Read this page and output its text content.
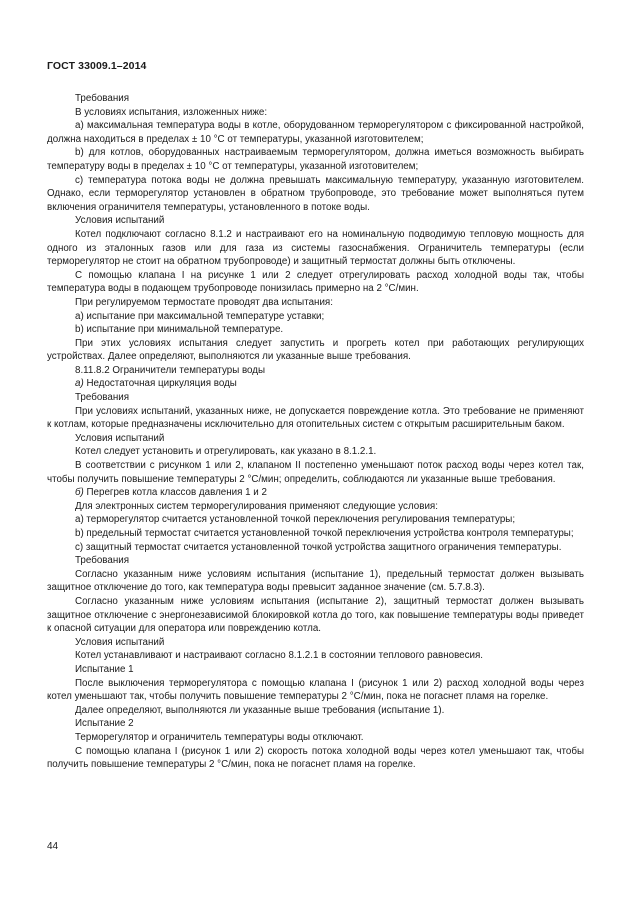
ГОСТ 33009.1–2014

Требования

В условиях испытания, изложенных ниже:

а) максимальная температура воды в котле, оборудованном терморегулятором с фиксированной настройкой, должна находиться в пределах ± 10 °С от температуры, указанной изготовителем;

b) для котлов, оборудованных настраиваемым терморегулятором, должна иметься возможность выбирать температуру воды в пределах ± 10 °С от температуры, указанной изготовителем;

с) температура потока воды не должна превышать максимальную температуру, указанную изготовителем. Однако, если терморегулятор установлен в обратном трубопроводе, это требование может выполняться путем включения ограничителя температуры, установленного в потоке воды.

Условия испытаний

Котел подключают согласно 8.1.2 и настраивают его на номинальную подводимую тепловую мощность для одного из эталонных газов или для газа из системы газоснабжения. Ограничитель температуры (если терморегулятор не стоит на обратном трубопроводе) и защитный термостат должны быть отключены.

С помощью клапана I на рисунке 1 или 2 следует отрегулировать расход холодной воды так, чтобы температура воды в подающем трубопроводе понизилась примерно на 2 °С/мин.

При регулируемом термостате проводят два испытания:

а) испытание при максимальной температуре уставки;

b) испытание при минимальной температуре.

При этих условиях испытания следует запустить и прогреть котел при работающих регулирующих устройствах. Далее определяют, выполняются ли указанные выше требования.

8.11.8.2 Ограничители температуры воды

а) Недостаточная циркуляция воды

Требования

При условиях испытаний, указанных ниже, не допускается повреждение котла. Это требование не применяют к котлам, которые предназначены исключительно для отопительных систем с открытым расширительным баком.

Условия испытаний

Котел следует установить и отрегулировать, как указано в 8.1.2.1.

В соответствии с рисунком 1 или 2, клапаном II постепенно уменьшают поток расход воды через котел так, чтобы получить повышение температуры 2 °С/мин; определить, соблюдаются ли указанные выше требования.

б) Перегрев котла классов давления 1 и 2

Для электронных систем терморегулирования применяют следующие условия:

а) терморегулятор считается установленной точкой переключения регулирования температуры;

b) предельный термостат считается установленной точкой переключения устройства контроля температуры;

с) защитный термостат считается установленной точкой устройства защитного ограничения температуры.

Требования

Согласно указанным ниже условиям испытания (испытание 1), предельный термостат должен вызывать защитное отключение до того, как температура воды превысит заданное значение (см. 5.7.8.3).

Согласно указанным ниже условиям испытания (испытание 2), защитный термостат должен вызывать защитное отключение с энергонезависимой блокировкой котла до того, как повышение температуры воды приведет к опасной ситуации для оператора или повреждению котла.

Условия испытаний

Котел устанавливают и настраивают согласно 8.1.2.1 в состоянии теплового равновесия.

Испытание 1

После выключения терморегулятора с помощью клапана I (рисунок 1 или 2) расход холодной воды через котел уменьшают так, чтобы получить повышение температуры 2 °С/мин, пока не погаснет пламя на горелке.

Далее определяют, выполняются ли указанные выше требования (испытание 1).

Испытание 2

Терморегулятор и ограничитель температуры воды отключают.

С помощью клапана I (рисунок 1 или 2) скорость потока холодной воды через котел уменьшают так, чтобы получить повышение температуры 2 °С/мин, пока не погаснет пламя на горелке.

44
